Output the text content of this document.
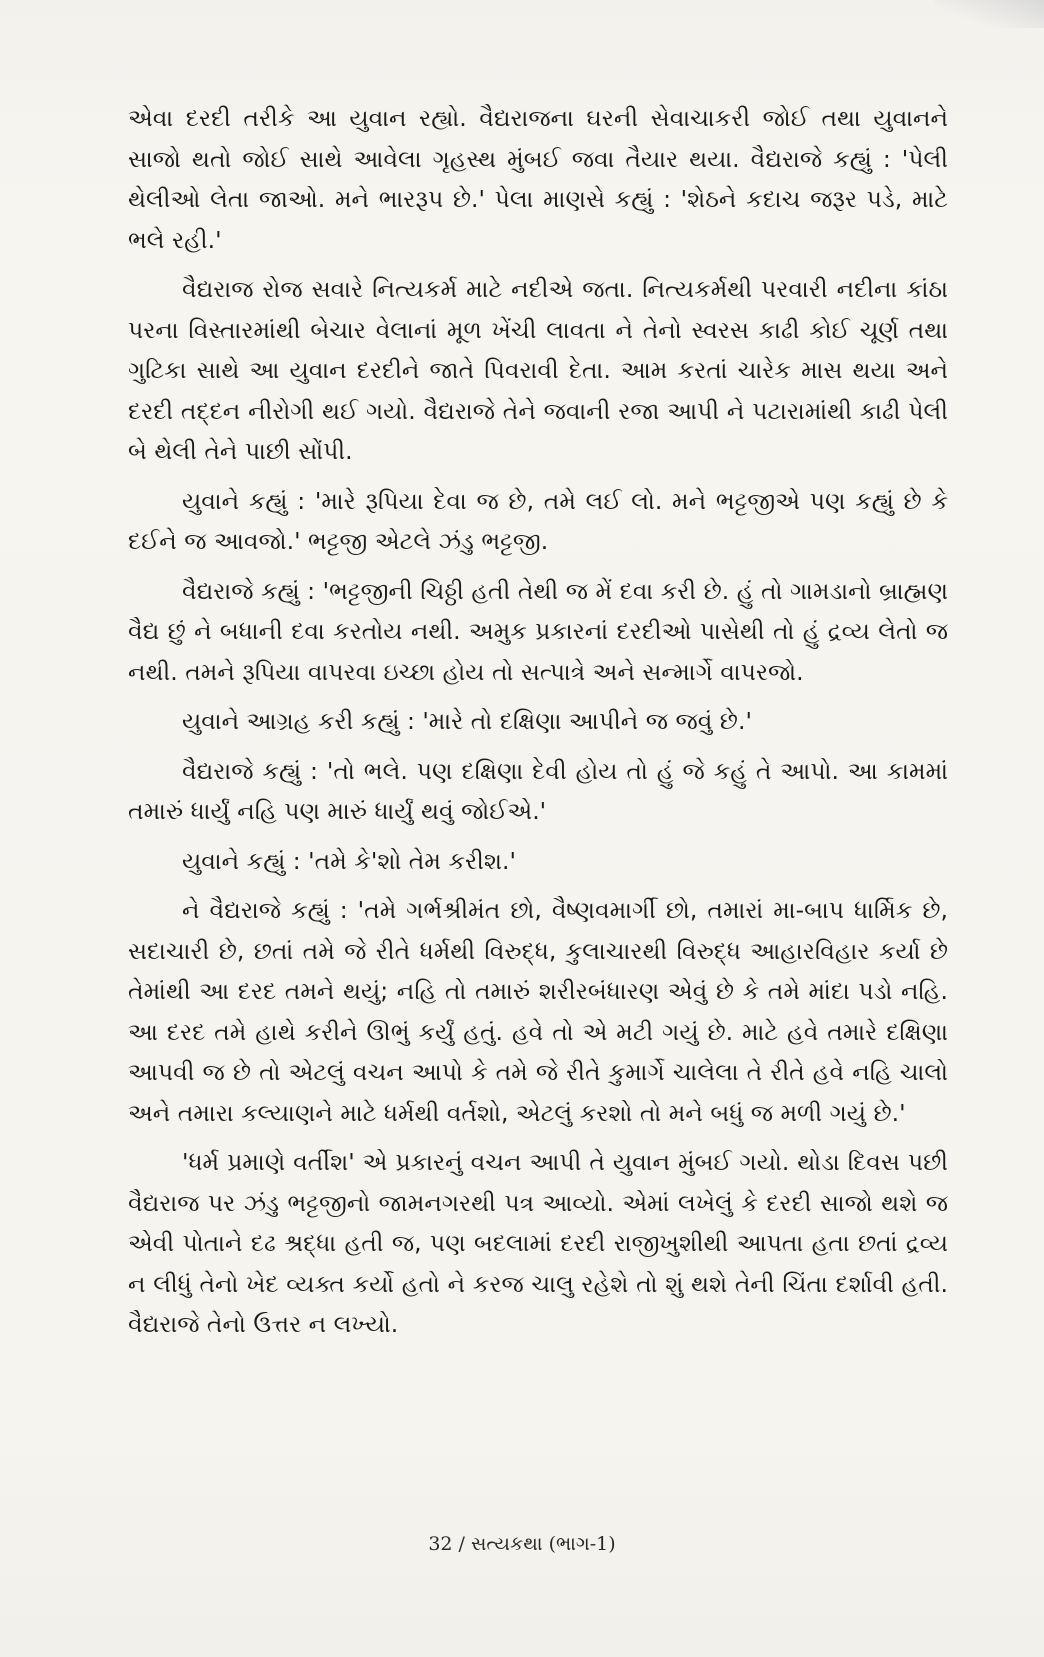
એવા દરદી તરીકે આ યુવાન રહ્યો. વૈદ્યરાજના ઘરની સેવાચાકરી જોઈ તથા યુવાનને સાજો થતો જોઈ સાથે આવેલા ગૃહસ્થ મુંબઈ જવા તૈયાર થયા. વૈદ્યરાજે કહ્યું : 'પેલી થેલીઓ લેતા જાઓ. મને ભારરૂપ છે.' પેલા માણસે કહ્યું : 'શેઠને કદાચ જરૂર પડે, માટે ભલે રહી.'

વૈદ્યરાજ રોજ સવારે નિત્યકર્મ માટે નદીએ જતા. નિત્યકર્મથી પરવારી નદીના કાંઠા પરના વિસ્તારમાંથી બેચાર વેલાનાં મૂળ ખેંચી લાવતા ને તેનો સ્વરસ કાઢી કોઈ ચૂર્ણ તથા ગુટિકા સાથે આ યુવાન દરદીને જાતે પિવરાવી દેતા. આમ કરતાં ચારેક માસ થયા અને દરદી તદ્દન નીરોગી થઈ ગયો. વૈદ્યરાજે તેને જવાની રજા આપી ને પટારામાંથી કાઢી પેલી બે થેલી તેને પાછી સોંપી.

યુવાને કહ્યું : 'મારે રૂપિયા દેવા જ છે, તમે લઈ લો. મને ભટ્ટજીએ પણ કહ્યું છે કે દઈને જ આવજો.' ભટ્ટજી એટલે ઝંડુ ભટ્ટજી.

વૈદ્યરાજે કહ્યું : 'ભટ્ટજીની ચિઠ્ઠી હતી તેથી જ મેં દવા કરી છે. હું તો ગામડાનો બ્રાહ્મણ વૈદ્ય છું ને બધાની દવા કરતોય નથી. અમુક પ્રકારનાં દરદીઓ પાસેથી તો હું દ્રવ્ય લેતો જ નથી. તમને રૂપિયા વાપરવા ઇચ્છા હોય તો સત્પાત્રે અને સન્માર્ગે વાપરજો.

યુવાને આગ્રહ કરી કહ્યું : 'મારે તો દક્ષિણા આપીને જ જવું છે.'

વૈદ્યરાજે કહ્યું : 'તો ભલે. પણ દક્ષિણા દેવી હોય તો હું જે કહું તે આપો. આ કામમાં તમારું ધાર્યું નહિ પણ મારું ધાર્યું થવું જોઈએ.'

યુવાને કહ્યું : 'તમે કે'શો તેમ કરીશ.'

ને વૈદ્યરાજે કહ્યું : 'તમે ગર્ભશ્રીમંત છો, વૈષ્ણવમાર્ગી છો, તમારાં મા-બાપ ધાર્મિક છે, સદાચારી છે, છતાં તમે જે રીતે ધર્મથી વિરુદ્ધ, કુલાચારથી વિરુદ્ધ આહારવિહાર કર્યા છે તેમાંથી આ દરદ તમને થયું; નહિ તો તમારું શરીરબંધારણ એવું છે કે તમે માંદા પડો નહિ. આ દરદ તમે હાથે કરીને ઊભું કર્યું હતું. હવે તો એ મટી ગયું છે. માટે હવે તમારે દક્ષિણા આપવી જ છે તો એટલું વચન આપો કે તમે જે રીતે કુમાર્ગે ચાલેલા તે રીતે હવે નહિ ચાલો અને તમારા કલ્યાણને માટે ધર્મથી વર્તશો, એટલું કરશો તો મને બધું જ મળી ગયું છે.'

'ધર્મ પ્રમાણે વર્તીશ' એ પ્રકારનું વચન આપી તે યુવાન મુંબઈ ગયો. થોડા દિવસ પછી વૈદ્યરાજ પર ઝંડુ ભટ્ટજીનો જામનગરથી પત્ર આવ્યો. એમાં લખેલું કે દરદી સાજો થશે જ એવી પોતાને દઢ શ્રદ્ધા હતી જ, પણ બદલામાં દરદી રાજીખુશીથી આપતા હતા છતાં દ્રવ્ય ન લીધું તેનો ખેદ વ્યક્ત કર્યો હતો ને કરજ ચાલુ રહેશે તો શું થશે તેની ચિંતા દર્શાવી હતી. વૈદ્યરાજે તેનો ઉત્તર ન લખ્યો.

32 / સત્યકથા (ભાગ-1)
